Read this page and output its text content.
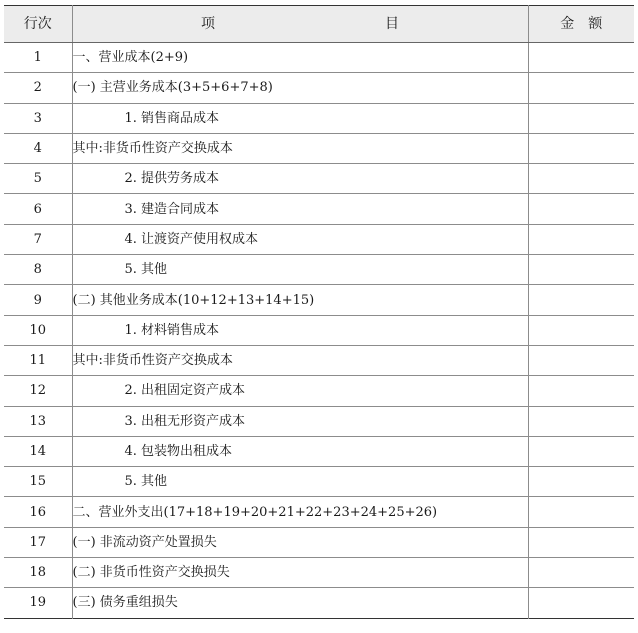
行次	项 目	金 额
1	一、营业成本(2+9)	
2	(一) 主营业务成本(3+5+6+7+8)	
3	1. 销售商品成本	
4	其中:非货币性资产交换成本	
5	2. 提供劳务成本	
6	3. 建造合同成本	
7	4. 让渡资产使用权成本	
8	5. 其他	
9	(二) 其他业务成本(10+12+13+14+15)	
10	1. 材料销售成本	
11	其中:非货币性资产交换成本	
12	2. 出租固定资产成本	
13	3. 出租无形资产成本	
14	4. 包装物出租成本	
15	5. 其他	
16	二、营业外支出(17+18+19+20+21+22+23+24+25+26)	
17	(一) 非流动资产处置损失	
18	(二) 非货币性资产交换损失	
19	(三) 债务重组损失	
